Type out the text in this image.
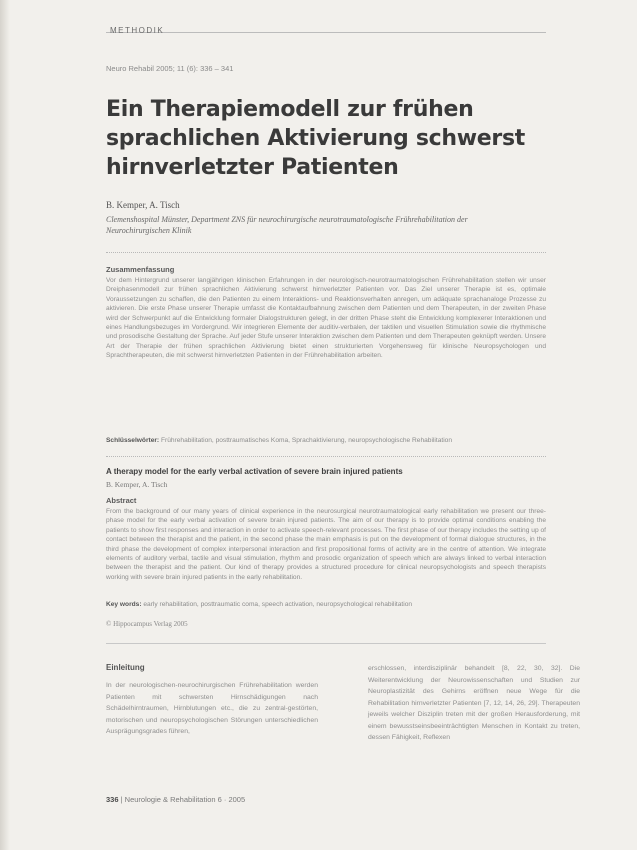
METHODIK
Neuro Rehabil 2005; 11 (6): 336 – 341
Ein Therapiemodell zur frühen sprachlichen Aktivierung schwerst hirnverletzter Patienten
B. Kemper, A. Tisch
Clemenshospital Münster, Department ZNS für neurochirurgische neurotraumatologische Frührehabilitation der Neurochirurgischen Klinik
Zusammenfassung
Vor dem Hintergrund unserer langjährigen klinischen Erfahrungen in der neurologisch-neurotraumatologischen Frührehabilitation stellen wir unser Dreiphasenmodell zur frühen sprachlichen Aktivierung schwerst hirnverletzter Patienten vor. Das Ziel unserer Therapie ist es, optimale Voraussetzungen zu schaffen, die den Patienten zu einem Interaktions- und Reaktionsverhalten anregen, um adäquate sprachanaloge Prozesse zu aktivieren. Die erste Phase unserer Therapie umfasst die Kontaktaufbahnung zwischen dem Patienten und dem Therapeuten, in der zweiten Phase wird der Schwerpunkt auf die Entwicklung formaler Dialogstrukturen gelegt, in der dritten Phase steht die Entwicklung komplexerer Interaktionen und eines Handlungsbezuges im Vordergrund. Wir integrieren Elemente der auditiv-verbalen, der taktilen und visuellen Stimulation sowie die rhythmische und prosodische Gestaltung der Sprache. Auf jeder Stufe unserer Interaktion zwischen dem Patienten und dem Therapeuten geknüpft werden. Unsere Art der Therapie der frühen sprachlichen Aktivierung bietet einen strukturierten Vorgehensweg für klinische Neuropsychologen und Sprachtherapeuten, die mit schwerst hirnverletzten Patienten in der Frührehabilitation arbeiten.
Schlüsselwörter: Frührehabilitation, posttraumatisches Koma, Sprachaktivierung, neuropsychologische Rehabilitation
A therapy model for the early verbal activation of severe brain injured patients
B. Kemper, A. Tisch
Abstract
From the background of our many years of clinical experience in the neurosurgical neurotraumatological early rehabilitation we present our three-phase model for the early verbal activation of severe brain injured patients. The aim of our therapy is to provide optimal conditions enabling the patients to show first responses and interaction in order to activate speech-relevant processes. The first phase of our therapy includes the setting up of contact between the therapist and the patient, in the second phase the main emphasis is put on the development of formal dialogue structures, in the third phase the development of complex interpersonal interaction and first propositional forms of activity are in the centre of attention. We integrate elements of auditory verbal, tactile and visual stimulation, rhythm and prosodic organization of speech which are always linked to verbal interaction between the therapist and the patient. Our kind of therapy provides a structured procedure for clinical neuropsychologists and speech therapists working with severe brain injured patients in the early rehabilitation.
Key words: early rehabilitation, posttraumatic coma, speech activation, neuropsychological rehabilitation
© Hippocampus Verlag 2005
Einleitung
In der neurologischen-neurochirurgischen Frührehabilitation werden Patienten mit schwersten Hirnschädigungen nach Schädelhirntraumen, Hirnblutungen etc., die zu zentral-gestörten, motorischen und neuropsychologischen Störungen unterschiedlichen Ausprägungsgrades führen,
erschlossen, interdisziplinär behandelt [8, 22, 30, 32]. Die Weiterentwicklung der Neurowissenschaften und Studien zur Neuroplastizität des Gehirns eröffnen neue Wege für die Rehabilitation hirnverletzter Patienten [7, 12, 14, 26, 29]. Therapeuten jeweils welcher Disziplin treten mit der großen Herausforderung, mit einem bewusstseinsbeeinträchtigten Menschen in Kontakt zu treten, dessen Fähigkeit, Reflexen
336 | Neurologie & Rehabilitation 6 · 2005
